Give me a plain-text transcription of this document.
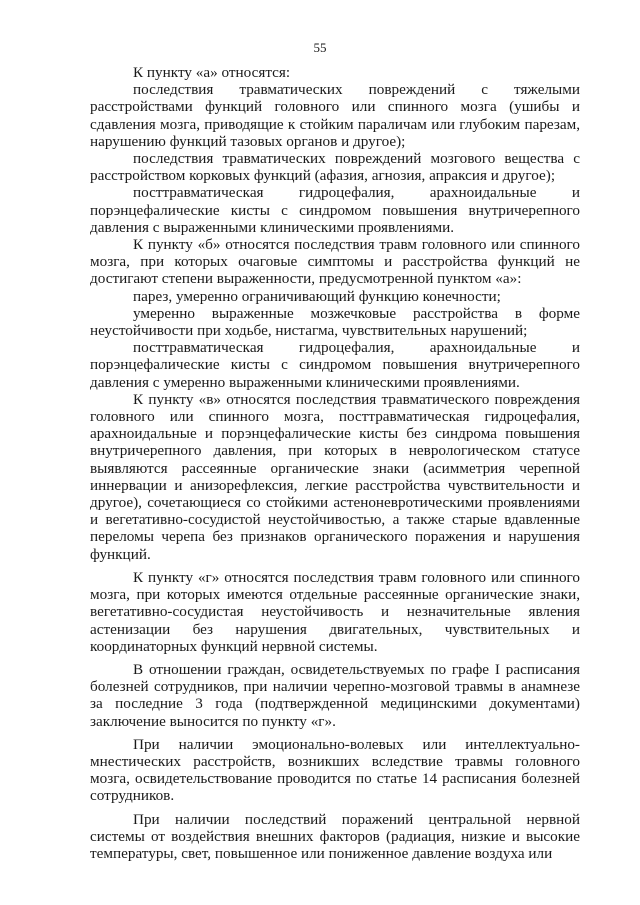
55

К пункту «а» относятся:

последствия травматических повреждений с тяжелыми расстройствами функций головного или спинного мозга (ушибы и сдавления мозга, приводящие к стойким параличам или глубоким парезам, нарушению функций тазовых органов и другое);

последствия травматических повреждений мозгового вещества с расстройством корковых функций (афазия, агнозия, апраксия и другое);

посттравматическая гидроцефалия, арахноидальные и порэнцефалические кисты с синдромом повышения внутричерепного давления с выраженными клиническими проявлениями.

К пункту «б» относятся последствия травм головного или спинного мозга, при которых очаговые симптомы и расстройства функций не достигают степени выраженности, предусмотренной пунктом «а»:

парез, умеренно ограничивающий функцию конечности;

умеренно выраженные мозжечковые расстройства в форме неустойчивости при ходьбе, нистагма, чувствительных нарушений;

посттравматическая гидроцефалия, арахноидальные и порэнцефалические кисты с синдромом повышения внутричерепного давления с умеренно выраженными клиническими проявлениями.

К пункту «в» относятся последствия травматического повреждения головного или спинного мозга, посттравматическая гидроцефалия, арахноидальные и порэнцефалические кисты без синдрома повышения внутричерепного давления, при которых в неврологическом статусе выявляются рассеянные органические знаки (асимметрия черепной иннервации и анизорефлексия, легкие расстройства чувствительности и другое), сочетающиеся со стойкими астеноневротическими проявлениями и вегетативно-сосудистой неустойчивостью, а также старые вдавленные переломы черепа без признаков органического поражения и нарушения функций.

К пункту «г» относятся последствия травм головного или спинного мозга, при которых имеются отдельные рассеянные органические знаки, вегетативно-сосудистая неустойчивость и незначительные явления астенизации без нарушения двигательных, чувствительных и координаторных функций нервной системы.

В отношении граждан, освидетельствуемых по графе I расписания болезней сотрудников, при наличии черепно-мозговой травмы в анамнезе за последние 3 года (подтвержденной медицинскими документами) заключение выносится по пункту «г».

При наличии эмоционально-волевых или интеллектуально-мнестических расстройств, возникших вследствие травмы головного мозга, освидетельствование проводится по статье 14 расписания болезней сотрудников.

При наличии последствий поражений центральной нервной системы от воздействия внешних факторов (радиация, низкие и высокие температуры, свет, повышенное или пониженное давление воздуха или
